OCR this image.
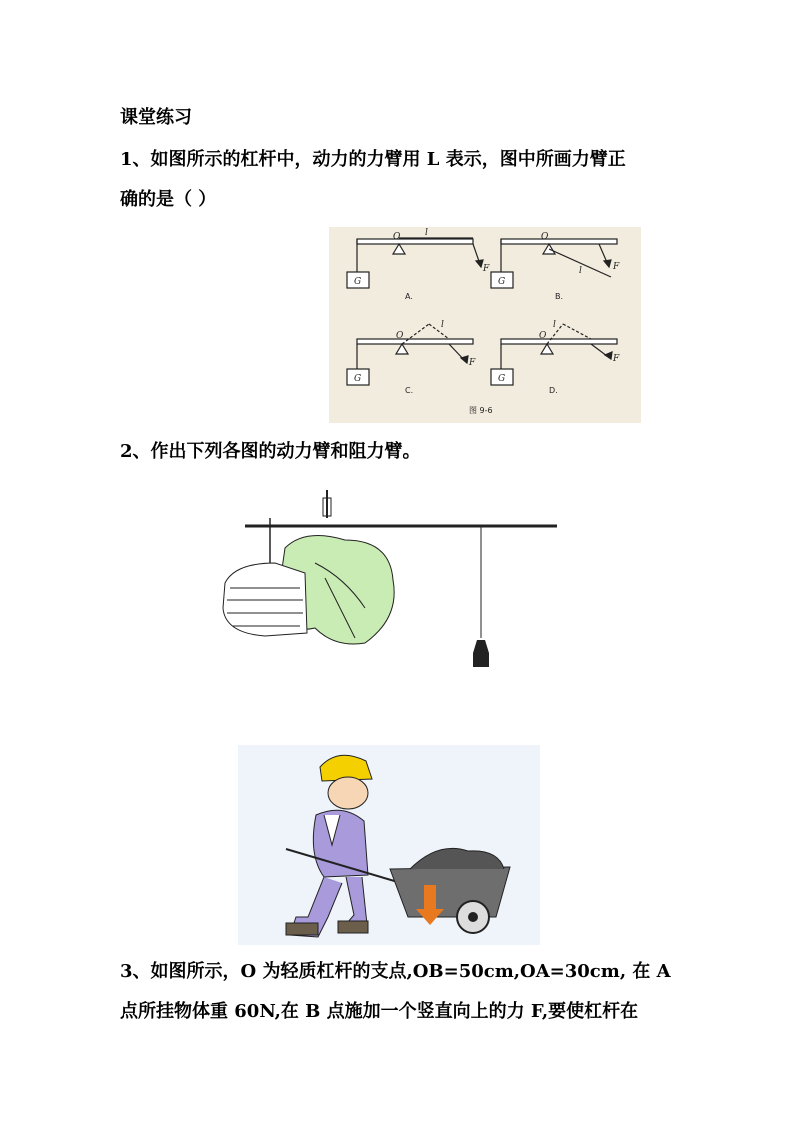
课堂练习
1、如图所示的杠杆中，动力的力臂用 L 表示，图中所画力臂正
确的是（ ）
O	l
F
G
O
l	F
G
O
l
F
G
O
l
F
G
A.	B.
C.	D.
图 9-6
2、作出下列各图的动力臂和阻力臂。
3、如图所示，O 为轻质杠杆的支点,OB=50cm,OA=30cm, 在 A
点所挂物体重 60N,在 B 点施加一个竖直向上的力 F,要使杠杆在
